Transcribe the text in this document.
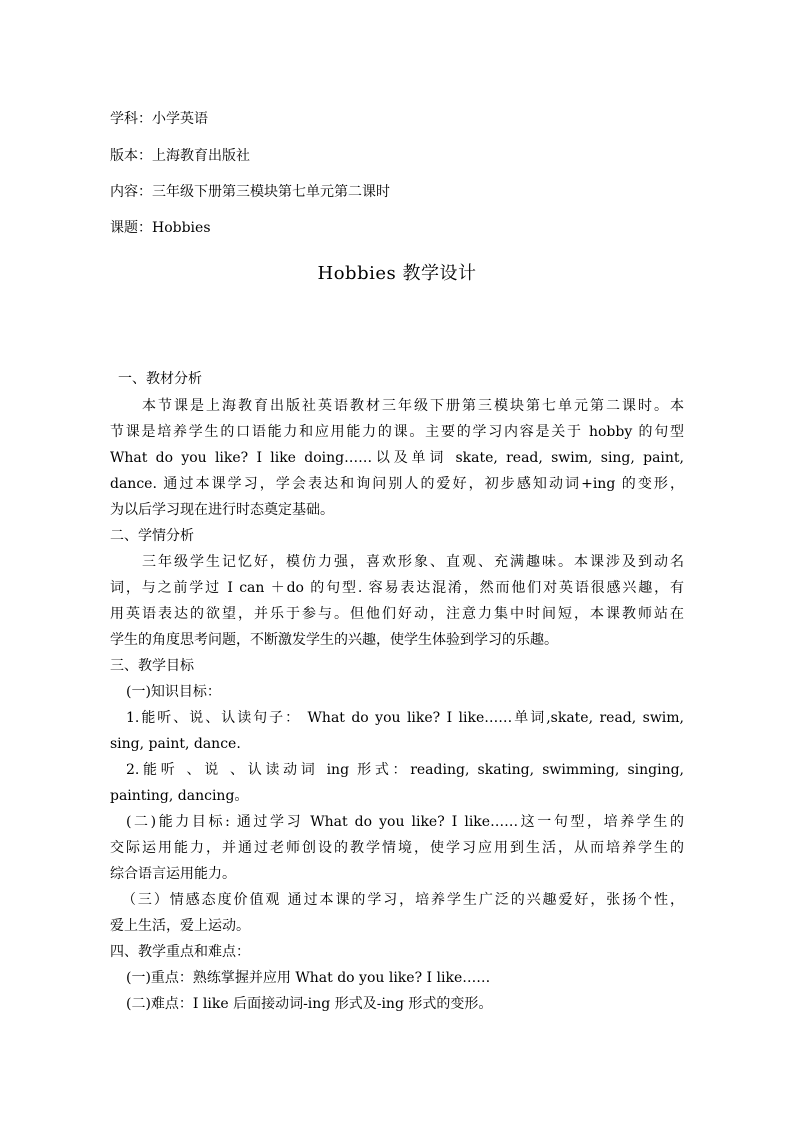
学科：小学英语
版本：上海教育出版社
内容：三年级下册第三模块第七单元第二课时
课题：Hobbies
Hobbies 教学设计
一、教材分析
本节课是上海教育出版社英语教材三年级下册第三模块第七单元第二课时。本
节课是培养学生的口语能力和应用能力的课。主要的学习内容是关于 hobby 的句型
What do you like? I like doing……以及单词 skate, read, swim, sing, paint,
dance. 通过本课学习，学会表达和询问别人的爱好，初步感知动词+ing 的变形，
为以后学习现在进行时态奠定基础。
二、学情分析
三年级学生记忆好，模仿力强，喜欢形象、直观、充满趣味。本课涉及到动名
词，与之前学过 I can ＋do 的句型. 容易表达混淆，然而他们对英语很感兴趣，有
用英语表达的欲望，并乐于参与。但他们好动，注意力集中时间短，本课教师站在
学生的角度思考问题，不断激发学生的兴趣，使学生体验到学习的乐趣。
三、教学目标
(一)知识目标：
1.能听、说、认读句子： What do you like? I like……单词,skate, read, swim,
sing, paint, dance.
2.能听 、说 、认读动词 ing 形式：reading, skating, swimming, singing,
painting, dancing。
(二)能力目标: 通过学习 What do you like? I like……这一句型，培养学生的
交际运用能力，并通过老师创设的教学情境，使学习应用到生活，从而培养学生的
综合语言运用能力。
（三）情感态度价值观 通过本课的学习，培养学生广泛的兴趣爱好，张扬个性，
爱上生活，爱上运动。
四、教学重点和难点：
(一)重点：熟练掌握并应用 What do you like? I like……
(二)难点：I like 后面接动词-ing 形式及-ing 形式的变形。
